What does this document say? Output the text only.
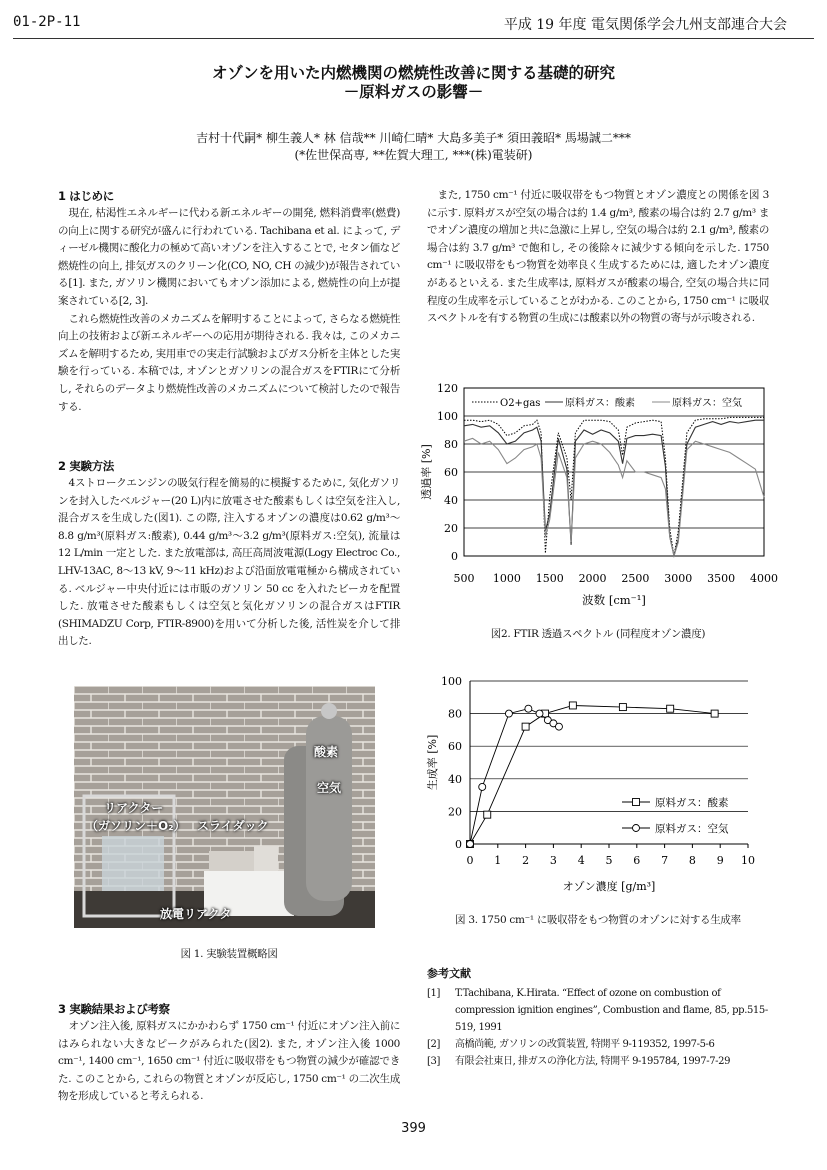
01-2P-11	平成 19 年度 電気関係学会九州支部連合大会
オゾンを用いた内燃機関の燃焼性改善に関する基礎的研究
－原料ガスの影響－
吉村十代嗣* 柳生義人* 林 信哉** 川崎仁晴* 大島多美子* 須田義昭* 馬場誠二***
(*佐世保高専, **佐賀大理工, ***(株)電装研)
1 はじめに

現在, 枯渇性エネルギーに代わる新エネルギーの開発, 燃料消費率(燃費)の向上に関する研究が盛んに行われている. Tachibana et al. によって, ディーゼル機関に酸化力の極めて高いオゾンを注入することで, セタン価など燃焼性の向上, 排気ガスのクリーン化(CO, NO, CH の減少)が報告されている[1]. また, ガソリン機関においてもオゾン添加による, 燃焼性の向上が提案されている[2, 3].

これら燃焼性改善のメカニズムを解明することによって, さらなる燃焼性向上の技術および新エネルギーへの応用が期待される. 我々は, このメカニズムを解明するため, 実用車での実走行試験およびガス分析を主体とした実験を行っている. 本稿では, オゾンとガソリンの混合ガスをFTIRにて分析し, それらのデータより燃焼性改善のメカニズムについて検討したので報告する.

2 実験方法

4ストロークエンジンの吸気行程を簡易的に模擬するために, 気化ガソリンを封入したベルジャー(20 L)内に放電させた酸素もしくは空気を注入し, 混合ガスを生成した(図1). この際, 注入するオゾンの濃度は0.62 g/m³～8.8 g/m³(原料ガス:酸素), 0.44 g/m³～3.2 g/m³(原料ガス:空気), 流量は 12 L/min 一定とした. また放電部は, 高圧高周波電源(Logy Electroc Co., LHV-13AC, 8～13 kV, 9～11 kHz)および沿面放電電極から構成されている. ベルジャー中央付近には市販のガソリン 50 cc を入れたビーカを配置した. 放電させた酸素もしくは空気と気化ガソリンの混合ガスはFTIR (SHIMADZU Corp, FTIR-8900)を用いて分析した後, 活性炭を介して排出した.

酸素
空気
リアクター
（ガソリン＋O₂） スライダック
放電リアクタ
図 1. 実験装置概略図
3 実験結果および考察

オゾン注入後, 原料ガスにかかわらず 1750 cm⁻¹ 付近にオゾン注入前にはみられない大きなピークがみられた(図2). また, オゾン注入後 1000 cm⁻¹, 1400 cm⁻¹, 1650 cm⁻¹ 付近に吸収帯をもつ物質の減少が確認できた. このことから, これらの物質とオゾンが反応し, 1750 cm⁻¹ の二次生成物を形成していると考えられる.

また, 1750 cm⁻¹ 付近に吸収帯をもつ物質とオゾン濃度との関係を図 3 に示す. 原料ガスが空気の場合は約 1.4 g/m³, 酸素の場合は約 2.7 g/m³ までオゾン濃度の増加と共に急激に上昇し, 空気の場合は約 2.1 g/m³, 酸素の場合は約 3.7 g/m³ で飽和し, その後除々に減少する傾向を示した. 1750 cm⁻¹ に吸収帯をもつ物質を効率良く生成するためには, 適したオゾン濃度があるといえる. また生成率は, 原料ガスが酸素の場合, 空気の場合共に同程度の生成率を示していることがわかる. このことから, 1750 cm⁻¹ に吸収スペクトルを有する物質の生成には酸素以外の物質の寄与が示唆される.

0
20
40
60
80
100
120
500 1000 1500 2000 2500 3000 3500 4000
O2+gas 原料ガス：酸素	原料ガス：空気
波数 [cm⁻¹]
透過率 [%]
図2. FTIR 透過スペクトル (同程度オゾン濃度)
0
20
40
60
80
100
0 1 2 3 4 5 6 7 8 9 10
原料ガス：酸素
原料ガス：空気
オゾン濃度 [g/m³]
生成率 [%]
図 3. 1750 cm⁻¹ に吸収帯をもつ物質のオゾンに対する生成率
参考文献
[1]	T.Tachibana, K.Hirata. “Effect of ozone on combustion of compression ignition engines”, Combustion and flame, 85, pp.515-519, 1991
[2]	高橋尚範, ガソリンの改質装置, 特開平 9-119352, 1997-5-6
[3]	有限会社東日, 排ガスの浄化方法, 特開平 9-195784, 1997-7-29
399
